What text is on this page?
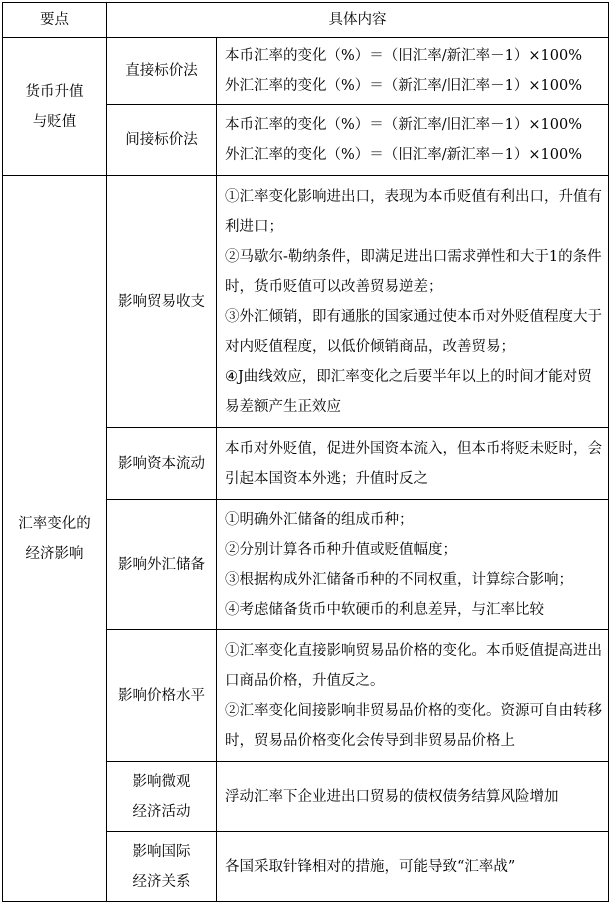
要点	具体内容	

货币升值
与贬值	直接标价法	本币汇率的变化（%）＝（旧汇率/新汇率－1）×100%
外汇汇率的变化（%）＝（新汇率/旧汇率－1）×100%

	间接标价法	本币汇率的变化（%）＝（新汇率/旧汇率－1）×100%
外汇汇率的变化（%）＝（旧汇率/新汇率－1）×100%

汇率变化的
经济影响	影响贸易收支	①汇率变化影响进出口，表现为本币贬值有利出口，升值有利进口；
②马歇尔-勒纳条件，即满足进出口需求弹性和大于1的条件时，货币贬值可以改善贸易逆差；
③外汇倾销，即有通胀的国家通过使本币对外贬值程度大于对内贬值程度，以低价倾销商品，改善贸易；
④J曲线效应，即汇率变化之后要半年以上的时间才能对贸易差额产生正效应

	影响资本流动	本币对外贬值，促进外国资本流入，但本币将贬未贬时，会引起本国资本外逃；升值时反之

	影响外汇储备	①明确外汇储备的组成币种；
②分别计算各币种升值或贬值幅度；
③根据构成外汇储备币种的不同权重，计算综合影响；
④考虑储备货币中软硬币的利息差异，与汇率比较

	影响价格水平	①汇率变化直接影响贸易品价格的变化。本币贬值提高进出口商品价格，升值反之。
②汇率变化间接影响非贸易品价格的变化。资源可自由转移时，贸易品价格变化会传导到非贸易品价格上

	影响微观
经济活动	浮动汇率下企业进出口贸易的债权债务结算风险增加

	影响国际
经济关系	各国采取针锋相对的措施，可能导致“汇率战”
